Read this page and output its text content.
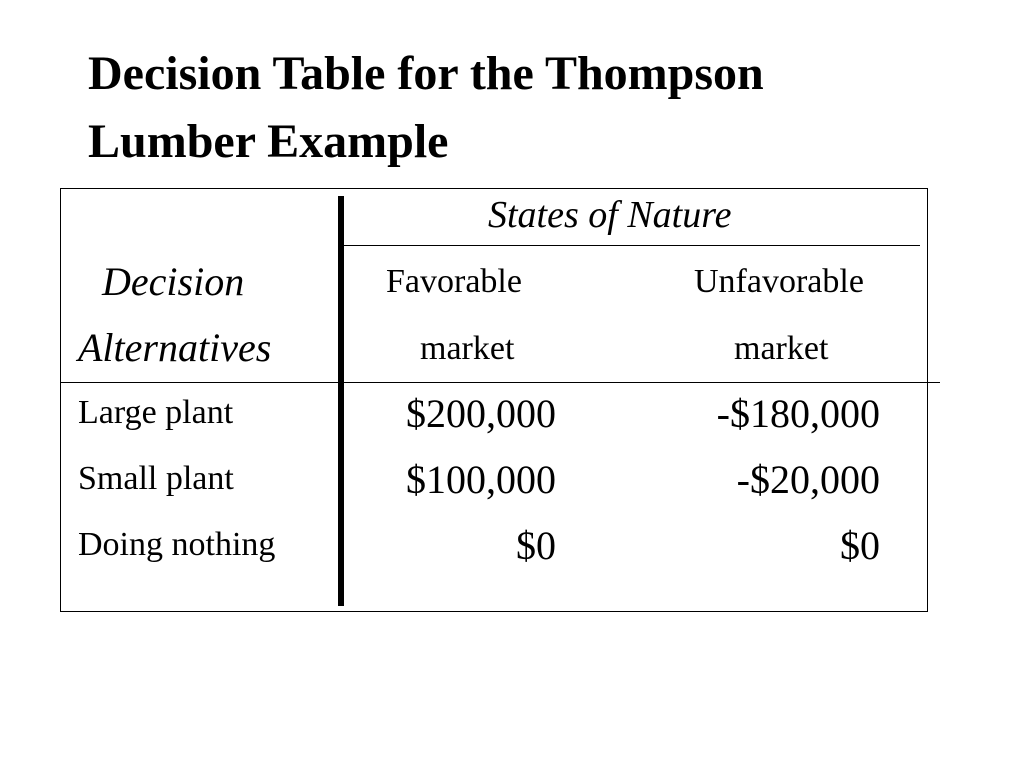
Decision Table for the Thompson
Lumber Example
States of Nature
Decision
Alternatives
Favorable
market
Unfavorable
market
Large plant	$200,000	-$180,000
Small plant	$100,000	-$20,000
Doing nothing	$0	$0
